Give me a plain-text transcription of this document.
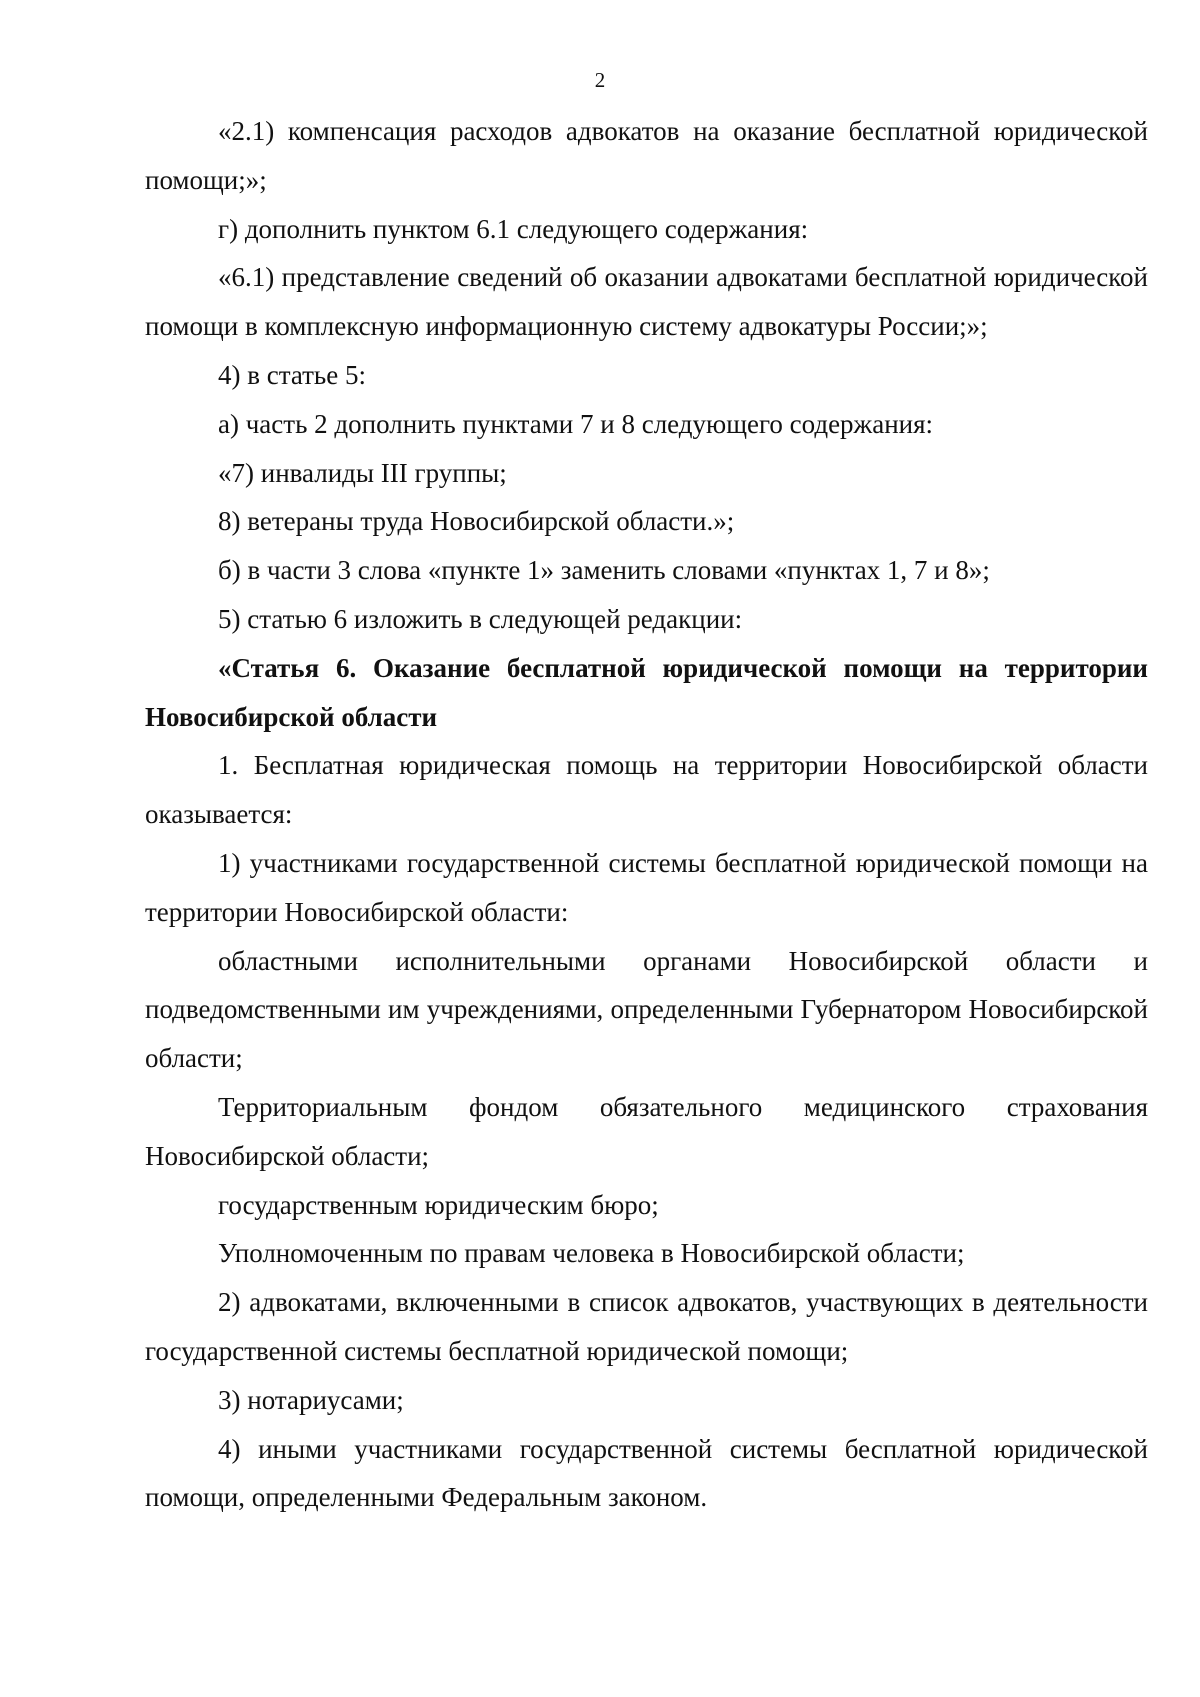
2

«2.1) компенсация расходов адвокатов на оказание бесплатной юридической помощи;»;

г) дополнить пунктом 6.1 следующего содержания:

«6.1) представление сведений об оказании адвокатами бесплатной юридической помощи в комплексную информационную систему адвокатуры России;»;

4) в статье 5:

а) часть 2 дополнить пунктами 7 и 8 следующего содержания:

«7) инвалиды III группы;

8) ветераны труда Новосибирской области.»;

б) в части 3 слова «пункте 1» заменить словами «пунктах 1, 7 и 8»;

5) статью 6 изложить в следующей редакции:

«Статья 6. Оказание бесплатной юридической помощи на территории Новосибирской области

1. Бесплатная юридическая помощь на территории Новосибирской области оказывается:

1) участниками государственной системы бесплатной юридической помощи на территории Новосибирской области:

областными исполнительными органами Новосибирской области и подведомственными им учреждениями, определенными Губернатором Новосибирской области;

Территориальным фондом обязательного медицинского страхования Новосибирской области;

государственным юридическим бюро;

Уполномоченным по правам человека в Новосибирской области;

2) адвокатами, включенными в список адвокатов, участвующих в деятельности государственной системы бесплатной юридической помощи;

3) нотариусами;

4) иными участниками государственной системы бесплатной юридической помощи, определенными Федеральным законом.
